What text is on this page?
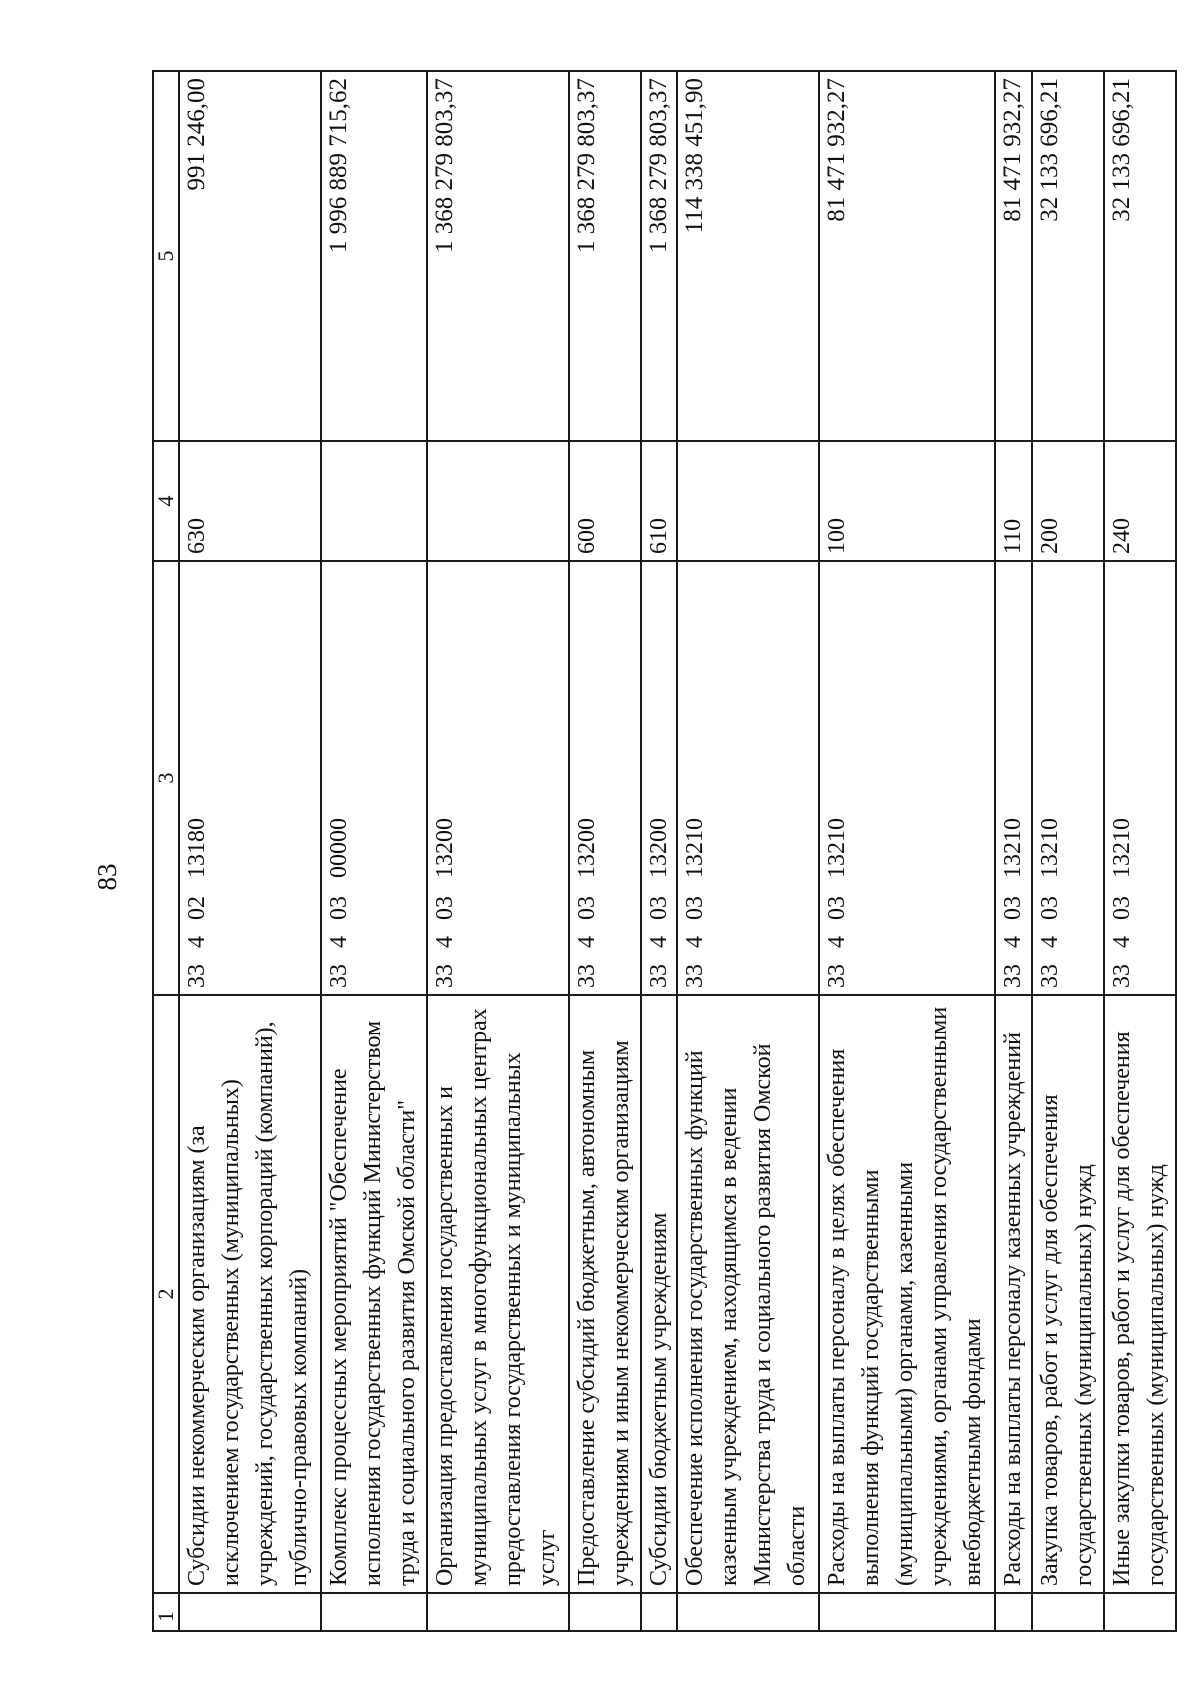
83
1	2	3	4	5
	Субсидии некоммерческим организациям (за исключением государственных (муниципальных) учреждений, государственных корпораций (компаний), публично-правовых компаний)	3340213180	630	991 246,00
	Комплекс процессных мероприятий "Обеспечение исполнения государственных функций Министерством труда и социального развития Омской области"	3340300000		1 996 889 715,62
	Организация предоставления государственных и муниципальных услуг в многофункциональных центрах предоставления государственных и муниципальных услуг	3340313200		1 368 279 803,37
	Предоставление субсидий бюджетным, автономным учреждениям и иным некоммерческим организациям	3340313200	600	1 368 279 803,37
	Субсидии бюджетным учреждениям	3340313200	610	1 368 279 803,37
	Обеспечение исполнения государственных функций казенным учреждением, находящимся в ведении Министерства труда и социального развития Омской области	3340313210		114 338 451,90
	Расходы на выплаты персоналу в целях обеспечения выполнения функций государственными (муниципальными) органами, казенными учреждениями, органами управления государственными внебюджетными фондами	3340313210	100	81 471 932,27
	Расходы на выплаты персоналу казенных учреждений	3340313210	110	81 471 932,27
	Закупка товаров, работ и услуг для обеспечения государственных (муниципальных) нужд	3340313210	200	32 133 696,21
	Иные закупки товаров, работ и услуг для обеспечения государственных (муниципальных) нужд	3340313210	240	32 133 696,21
